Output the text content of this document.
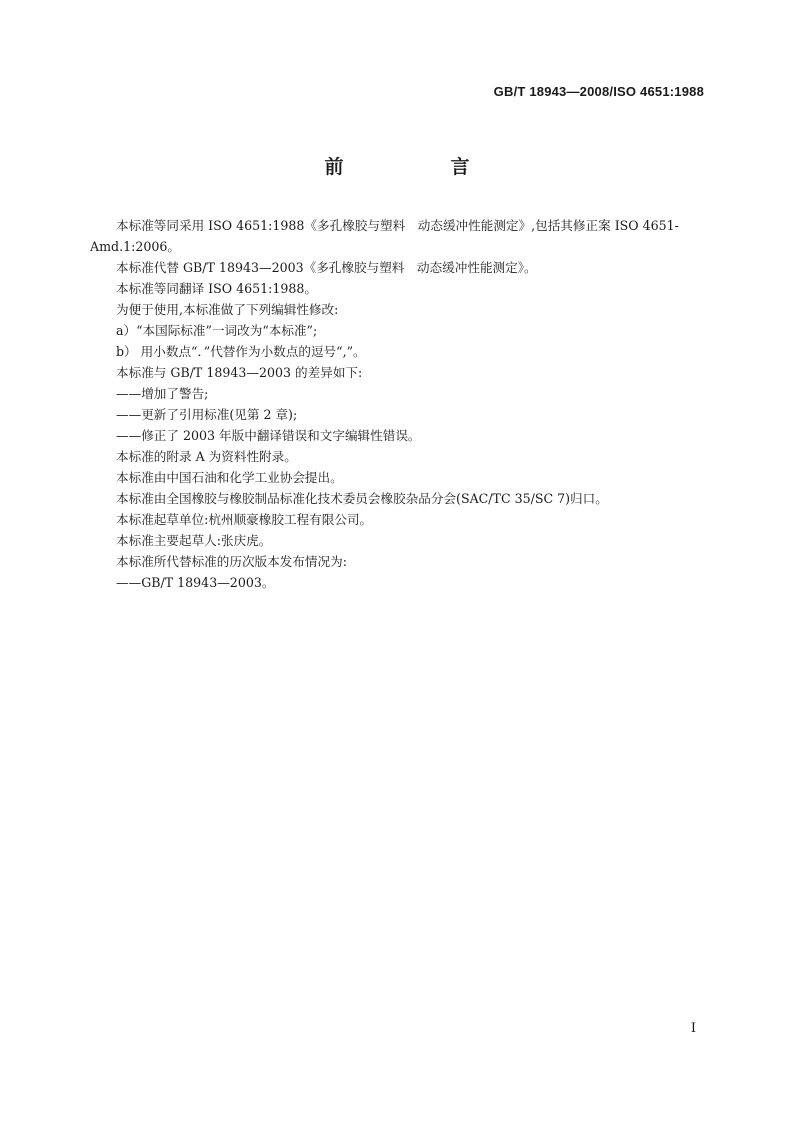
GB/T 18943—2008/ISO 4651:1988
前　言

本标准等同采用 ISO 4651:1988《多孔橡胶与塑料　动态缓冲性能测定》,包括其修正案 ISO 4651-Amd.1:2006。

本标准代替 GB/T 18943—2003《多孔橡胶与塑料　动态缓冲性能测定》。

本标准等同翻译 ISO 4651:1988。

为便于使用,本标准做了下列编辑性修改:

a）“本国际标准”一词改为“本标准”;

b） 用小数点“．”代替作为小数点的逗号“,”。

本标准与 GB/T 18943—2003 的差异如下:

——增加了警告;

——更新了引用标准(见第 2 章);

——修正了 2003 年版中翻译错误和文字编辑性错误。

本标准的附录 A 为资料性附录。

本标准由中国石油和化学工业协会提出。

本标准由全国橡胶与橡胶制品标准化技术委员会橡胶杂品分会(SAC/TC 35/SC 7)归口。

本标准起草单位:杭州顺豪橡胶工程有限公司。

本标准主要起草人:张庆虎。

本标准所代替标准的历次版本发布情况为:

——GB/T 18943—2003。

I
